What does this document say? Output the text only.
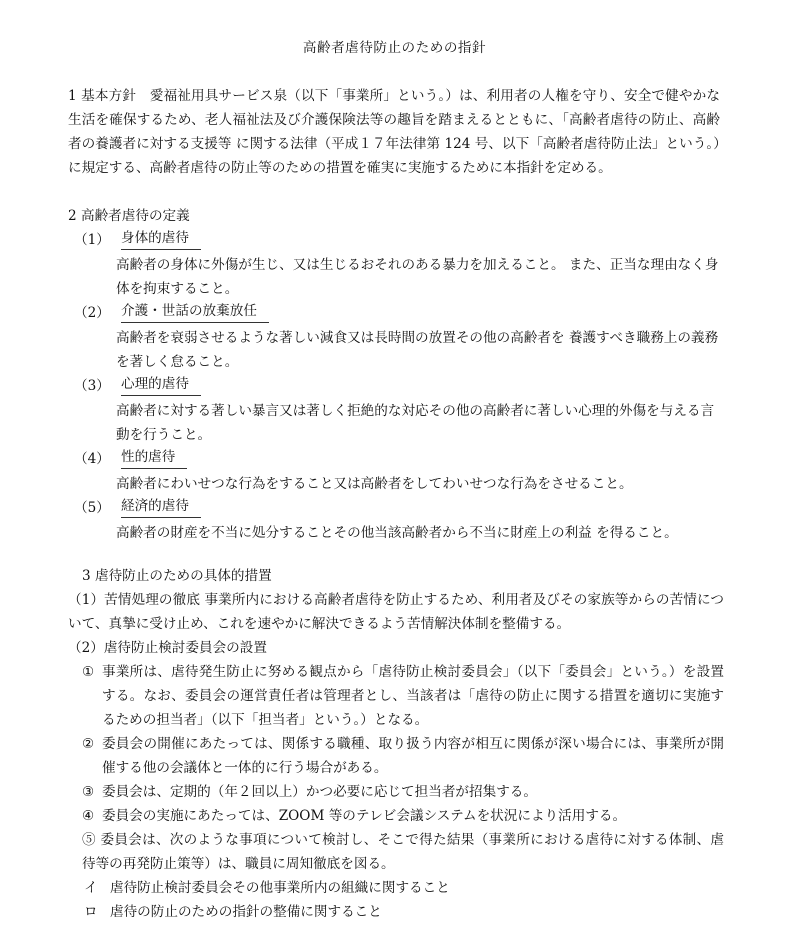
高齢者虐待防止のための指針

1 基本方針　愛福祉用具サービス泉（以下「事業所」という。）は、利用者の人権を守り、安全で健やかな生活を確保するため、老人福祉法及び介護保険法等の趣旨を踏まえるとともに、「高齢者虐待の防止、高齢者の養護者に対する支援等 に関する法律（平成１７年法律第 124 号、以下「高齢者虐待防止法」という。）に規定する、高齢者虐待の防止等のための措置を確実に実施するために本指針を定める。

2 高齢者虐待の定義

（1） 身体的虐待

高齢者の身体に外傷が生じ、又は生じるおそれのある暴力を加えること。 また、正当な理由なく身体を拘束すること。

（2） 介護・世話の放棄放任

高齢者を衰弱させるような著しい減食又は長時間の放置その他の高齢者を 養護すべき職務上の義務を著しく怠ること。

（3） 心理的虐待

高齢者に対する著しい暴言又は著しく拒絶的な対応その他の高齢者に著しい心理的外傷を与える言動を行うこと。

（4） 性的虐待

高齢者にわいせつな行為をすること又は高齢者をしてわいせつな行為をさせること。

（5） 経済的虐待

高齢者の財産を不当に処分することその他当該高齢者から不当に財産上の利益 を得ること。

3 虐待防止のための具体的措置

（1）苦情処理の徹底 事業所内における高齢者虐待を防止するため、利用者及びその家族等からの苦情について、真摯に受け止め、これを速やかに解決できるよう苦情解決体制を整備する。

（2）虐待防止検討委員会の設置

① 事業所は、虐待発生防止に努める観点から「虐待防止検討委員会」（以下「委員会」という。）を設置する。なお、委員会の運営責任者は管理者とし、当該者は「虐待の防止に関する措置を適切に実施するための担当者」（以下「担当者」という。）となる。
② 委員会の開催にあたっては、関係する職種、取り扱う内容が相互に関係が深い場合には、事業所が開催する他の会議体と一体的に行う場合がある。
③ 委員会は、定期的（年２回以上）かつ必要に応じて担当者が招集する。
④ 委員会の実施にあたっては、ZOOM 等のテレビ会議システムを状況により活用する。

⑤ 委員会は、次のような事項について検討し、そこで得た結果（事業所における虐待に対する体制、虐待等の再発防止策等）は、職員に周知徹底を図る。

イ 虐待防止検討委員会その他事業所内の組織に関すること
ロ 虐待の防止のための指針の整備に関すること
